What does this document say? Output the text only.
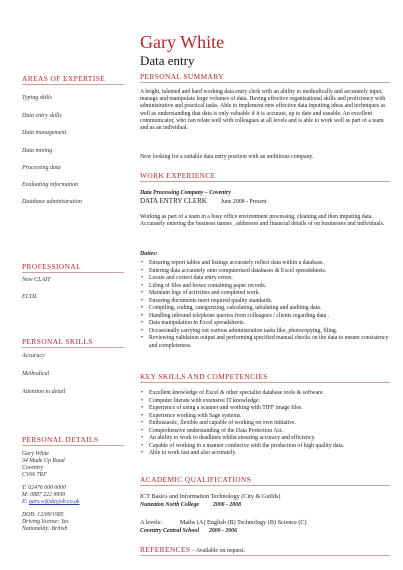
Gary White
Data entry
AREAS OF EXPERTISE
Typing skills
Data entry skills
Data management
Data mining
Processing data
Evaluating information
Database administration
PROFESSIONAL
New CLAIT
ECDL
PERSONAL SKILLS
Accuracy
Methodical
Attention to detail
PERSONAL DETAILS
Gary White
34 Made Up Road
Coventry
CV66 7RF
T: 02476 000 0000
M: 0887 222 9999
E: gary.w@dayjob.co.uk
DOB: 12/09/1985
Driving license: Yes
Nationality: British
PERSONAL SUMMARY
A bright, talented and hard working data entry clerk with an ability to methodically and accurately input, manage and manipulate large volumes of data. Having effective organisational skills and proficiency with administrative and practical tasks. Able to implement new effective data inputting ideas and techniques as well as understanding that data is only valuable if it is accurate, up to date and useable. An excellent communicator, who can relate well with colleagues at all levels and is able to work well as part of a team and as an individual.
Now looking for a suitable data entry position with an ambitious company.
WORK EXPERIENCE
Data Processing Company – Coventry
DATA ENTRY CLERK June 2008 - Present
Working as part of a team in a busy office environment processing, cleaning and then imputing data. Accurately entering the business names , addresses and financial details of on businesses and individuals.
Duties:
• Ensuring report tables and listings accurately reflect data within a database.
• Entering data accurately onto computerised databases & Excel spreadsheets.
• Locate and correct data entry errors.
• Lifing of files and boxes containing paper records.
• Maintain logs of activities and completed work.
• Ensuring documents meet required quality standards.
• Compiling, coding, categorizing, calculating, tabulating and auditing data.
• Handling inbound telephone queries from colleagues / clients regarding data .
• Data manipulation in Excel spreadsheets.
• Occasionally carrying out various administration tasks like, photocopying, filing.
• Reviewing validation output and performing specified manual checks on the data to ensure consistency and completeness.
KEY SKILLS AND COMPETENCIES
• Excellent knowledge of Excel & other specialist database tools & software.
• Computer literate with extensive IT knowledge.
• Experience of using a scanner and working with TIFF image files.
• Experience working with Sage systems.
• Enthusiastic, flexible and capable of working on own initiative.
• Comprehensive understanding of the Data Protection Act.
• An ability to work to deadlines whilst ensuring accuracy and efficiency.
• Capable of working in a manner conducive with the production of high quality data.
• Able to work fast and also accurately.
ACADEMIC QUALIFICATIONS
ICT Basics and Information Technology (City & Guilds)
Nuneaton North College 2006 - 2008
A levels:	Maths (A) English (B) Technology (B) Science (C)
Coventry Central School 2000 - 2006
REFERENCES – Available on request.
